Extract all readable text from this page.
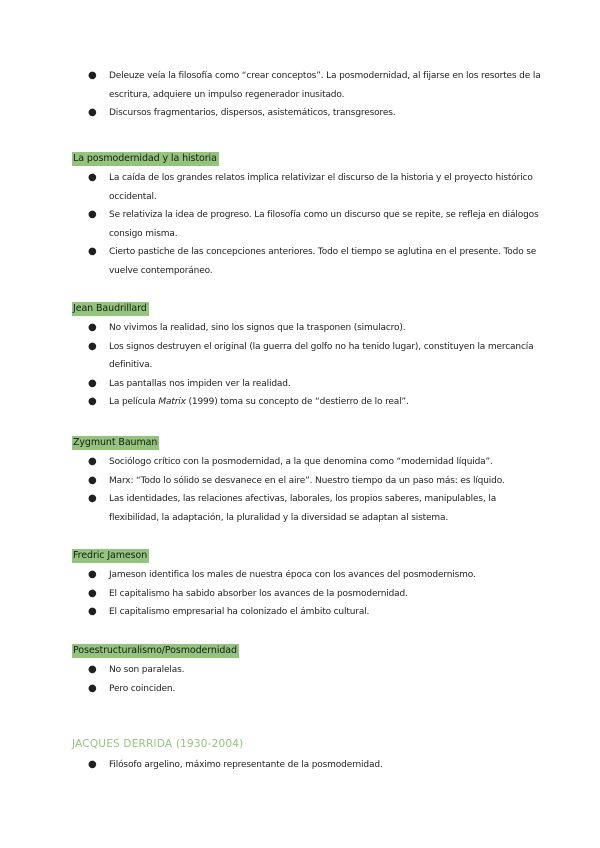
● Deleuze veía la filosofía como “crear conceptos”. La posmodernidad, al fijarse en los resortes de la escritura, adquiere un impulso regenerador inusitado.
● Discursos fragmentarios, dispersos, asistemáticos, transgresores.
La posmodernidad y la historia
● La caída de los grandes relatos implica relativizar el discurso de la historia y el proyecto histórico occidental.
● Se relativiza la idea de progreso. La filosofía como un discurso que se repite, se refleja en diálogos consigo misma.
● Cierto pastiche de las concepciones anteriores. Todo el tiempo se aglutina en el presente. Todo se vuelve contemporáneo.
Jean Baudrillard
● No vivimos la realidad, sino los signos que la trasponen (simulacro).
● Los signos destruyen el original (la guerra del golfo no ha tenido lugar), constituyen la mercancía definitiva.
● Las pantallas nos impiden ver la realidad.
● La película Matrix (1999) toma su concepto de “destierro de lo real”.
Zygmunt Bauman
● Sociólogo crítico con la posmodernidad, a la que denomina como “modernidad líquida”.
● Marx: “Todo lo sólido se desvanece en el aire”. Nuestro tiempo da un paso más: es líquido.
● Las identidades, las relaciones afectivas, laborales, los propios saberes, manipulables, la flexibilidad, la adaptación, la pluralidad y la diversidad se adaptan al sistema.
Fredric Jameson
● Jameson identifica los males de nuestra época con los avances del posmodernismo.
● El capitalismo ha sabido absorber los avances de la posmodernidad.
● El capitalismo empresarial ha colonizado el ámbito cultural.
Posestructuralismo/Posmodernidad
● No son paralelas.
● Pero coinciden.
JACQUES DERRIDA (1930-2004)
● Filósofo argelino, máximo representante de la posmodernidad.
